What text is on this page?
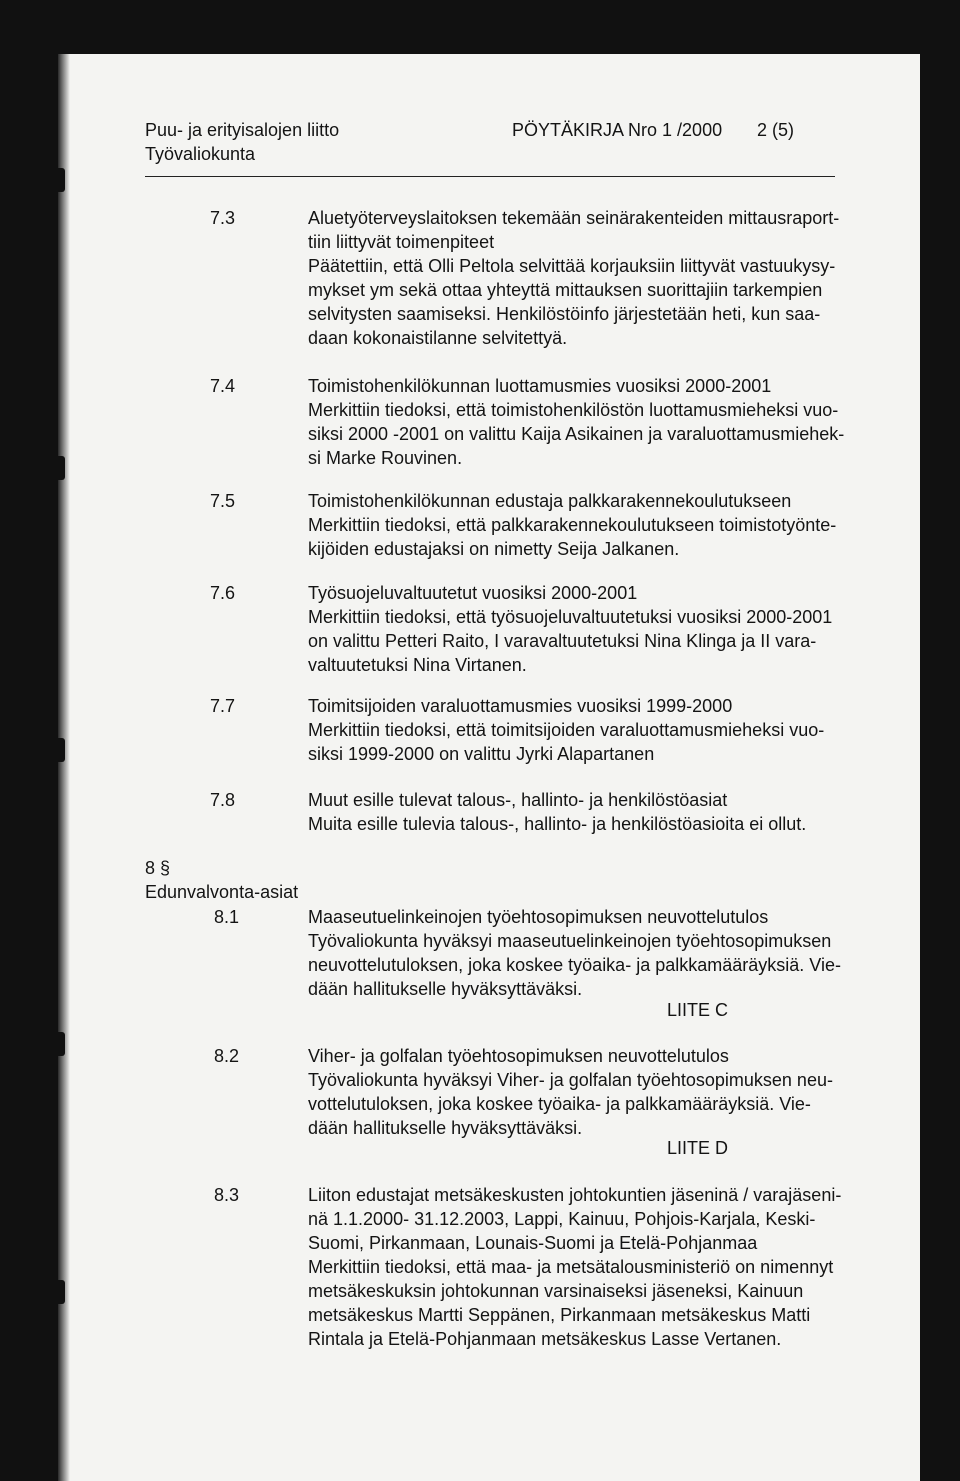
Puu- ja erityisalojen liitto
Työvaliokunta
PÖYTÄKIRJA Nro 1 /2000 2 (5)
7.3	Aluetyöterveyslaitoksen tekemään seinärakenteiden mittausraport-
tiin liittyvät toimenpiteet
Päätettiin, että Olli Peltola selvittää korjauksiin liittyvät vastuukysy-
mykset ym sekä ottaa yhteyttä mittauksen suorittajiin tarkempien
selvitysten saamiseksi. Henkilöstöinfo järjestetään heti, kun saa-
daan kokonaistilanne selvitettyä.
7.4	Toimistohenkilökunnan luottamusmies vuosiksi 2000-2001
Merkittiin tiedoksi, että toimistohenkilöstön luottamusmieheksi vuo-
siksi 2000 -2001 on valittu Kaija Asikainen ja varaluottamusmiehek-
si Marke Rouvinen.
7.5	Toimistohenkilökunnan edustaja palkkarakennekoulutukseen
Merkittiin tiedoksi, että palkkarakennekoulutukseen toimistotyönte-
kijöiden edustajaksi on nimetty Seija Jalkanen.
7.6	Työsuojeluvaltuutetut vuosiksi 2000-2001
Merkittiin tiedoksi, että työsuojeluvaltuutetuksi vuosiksi 2000-2001
on valittu Petteri Raito, I varavaltuutetuksi Nina Klinga ja II vara-
valtuutetuksi Nina Virtanen.
7.7	Toimitsijoiden varaluottamusmies vuosiksi 1999-2000
Merkittiin tiedoksi, että toimitsijoiden varaluottamusmieheksi vuo-
siksi 1999-2000 on valittu Jyrki Alapartanen
7.8	Muut esille tulevat talous-, hallinto- ja henkilöstöasiat
Muita esille tulevia talous-, hallinto- ja henkilöstöasioita ei ollut.
8 §
Edunvalvonta-asiat
8.1	Maaseutuelinkeinojen työehtosopimuksen neuvottelutulos
Työvaliokunta hyväksyi maaseutuelinkeinojen työehtosopimuksen
neuvottelutuloksen, joka koskee työaika- ja palkkamääräyksiä. Vie-
dään hallitukselle hyväksyttäväksi.
LIITE C
8.2	Viher- ja golfalan työehtosopimuksen neuvottelutulos
Työvaliokunta hyväksyi Viher- ja golfalan työehtosopimuksen neu-
vottelutuloksen, joka koskee työaika- ja palkkamääräyksiä. Vie-
dään hallitukselle hyväksyttäväksi.
LIITE D
8.3	Liiton edustajat metsäkeskusten johtokuntien jäseninä / varajäseni-
nä 1.1.2000- 31.12.2003, Lappi, Kainuu, Pohjois-Karjala, Keski-
Suomi, Pirkanmaan, Lounais-Suomi ja Etelä-Pohjanmaa
Merkittiin tiedoksi, että maa- ja metsätalousministeriö on nimennyt
metsäkeskuksin johtokunnan varsinaiseksi jäseneksi, Kainuun
metsäkeskus Martti Seppänen, Pirkanmaan metsäkeskus Matti
Rintala ja Etelä-Pohjanmaan metsäkeskus Lasse Vertanen.
